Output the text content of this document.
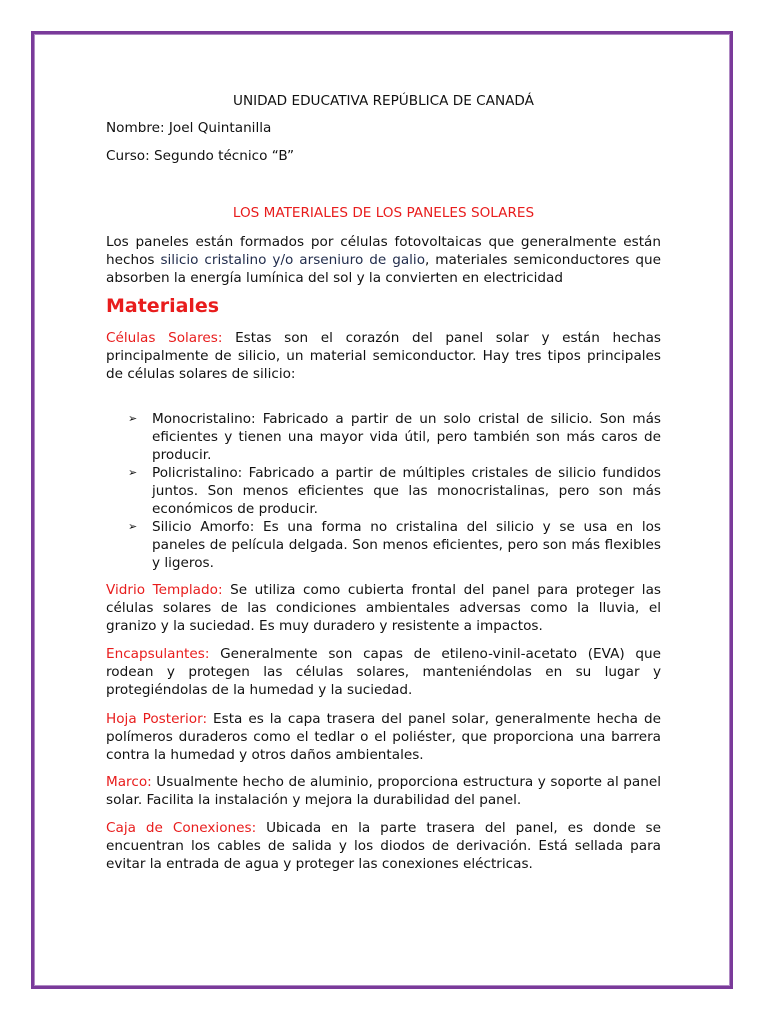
UNIDAD EDUCATIVA REPÚBLICA DE CANADÁ
Nombre: Joel Quintanilla
Curso: Segundo técnico “B”
LOS MATERIALES DE LOS PANELES SOLARES
Los paneles están formados por células fotovoltaicas que generalmente están hechos silicio cristalino y/o arseniuro de galio, materiales semiconductores que absorben la energía lumínica del sol y la convierten en electricidad
Materiales
Células Solares: Estas son el corazón del panel solar y están hechas principalmente de silicio, un material semiconductor. Hay tres tipos principales de células solares de silicio:
➢ Monocristalino: Fabricado a partir de un solo cristal de silicio. Son más eficientes y tienen una mayor vida útil, pero también son más caros de producir.
➢ Policristalino: Fabricado a partir de múltiples cristales de silicio fundidos juntos. Son menos eficientes que las monocristalinas, pero son más económicos de producir.
➢ Silicio Amorfo: Es una forma no cristalina del silicio y se usa en los paneles de película delgada. Son menos eficientes, pero son más flexibles y ligeros.
Vidrio Templado: Se utiliza como cubierta frontal del panel para proteger las células solares de las condiciones ambientales adversas como la lluvia, el granizo y la suciedad. Es muy duradero y resistente a impactos.
Encapsulantes: Generalmente son capas de etileno-vinil-acetato (EVA) que rodean y protegen las células solares, manteniéndolas en su lugar y protegiéndolas de la humedad y la suciedad.
Hoja Posterior: Esta es la capa trasera del panel solar, generalmente hecha de polímeros duraderos como el tedlar o el poliéster, que proporciona una barrera contra la humedad y otros daños ambientales.
Marco: Usualmente hecho de aluminio, proporciona estructura y soporte al panel solar. Facilita la instalación y mejora la durabilidad del panel.
Caja de Conexiones: Ubicada en la parte trasera del panel, es donde se encuentran los cables de salida y los diodos de derivación. Está sellada para evitar la entrada de agua y proteger las conexiones eléctricas.
